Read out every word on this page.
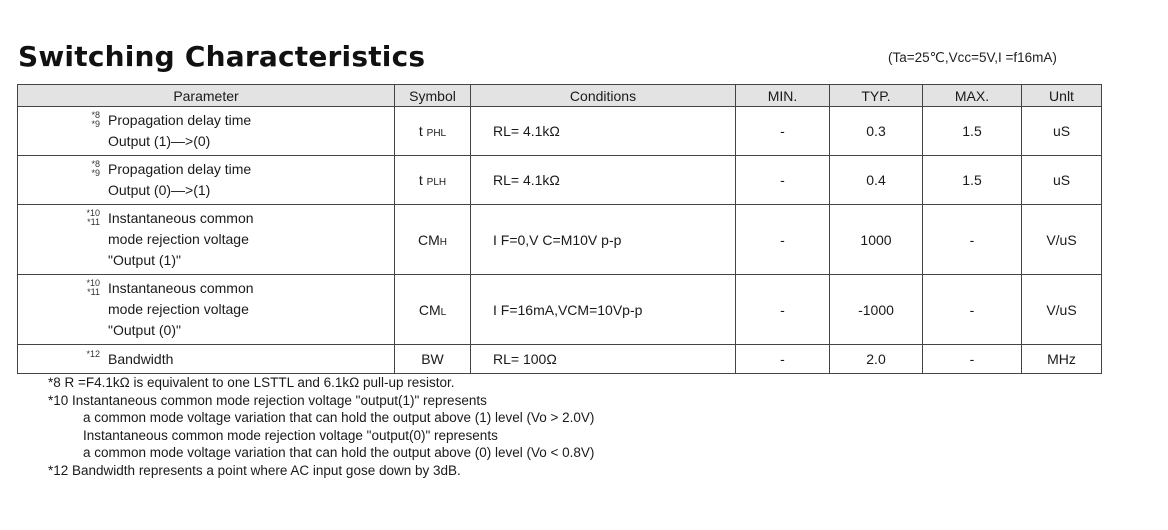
Switching Characteristics	(Ta=25℃,Vcc=5V,I =f16mA)
Parameter	Symbol	Conditions	MIN.	TYP.	MAX.	Unlt

*8
*9 Propagation delay time
Output (1)—>(0)	t PHL	RL= 4.1kΩ	-	0.3	1.5	uS

*8
*9 Propagation delay time
Output (0)—>(1)	t PLH	RL= 4.1kΩ	-	0.4	1.5	uS

*10
*11 Instantaneous common
mode rejection voltage
"Output (1)"	CMH	I F=0,V C=M10V p-p	-	1000	-	V/uS

*10
*11 Instantaneous common
mode rejection voltage
"Output (0)"	CML	I F=16mA,VCM=10Vp-p	-	-1000	-	V/uS

*12 Bandwidth	BW	RL= 100Ω	-	2.0	-	MHz
*8 R =F4.1kΩ is equivalent to one LSTTL and 6.1kΩ pull-up resistor.
*10 Instantaneous common mode rejection voltage "output(1)" represents
a common mode voltage variation that can hold the output above (1) level (Vo > 2.0V)
Instantaneous common mode rejection voltage "output(0)" represents
a common mode voltage variation that can hold the output above (0) level (Vo < 0.8V)
*12 Bandwidth represents a point where AC input gose down by 3dB.
